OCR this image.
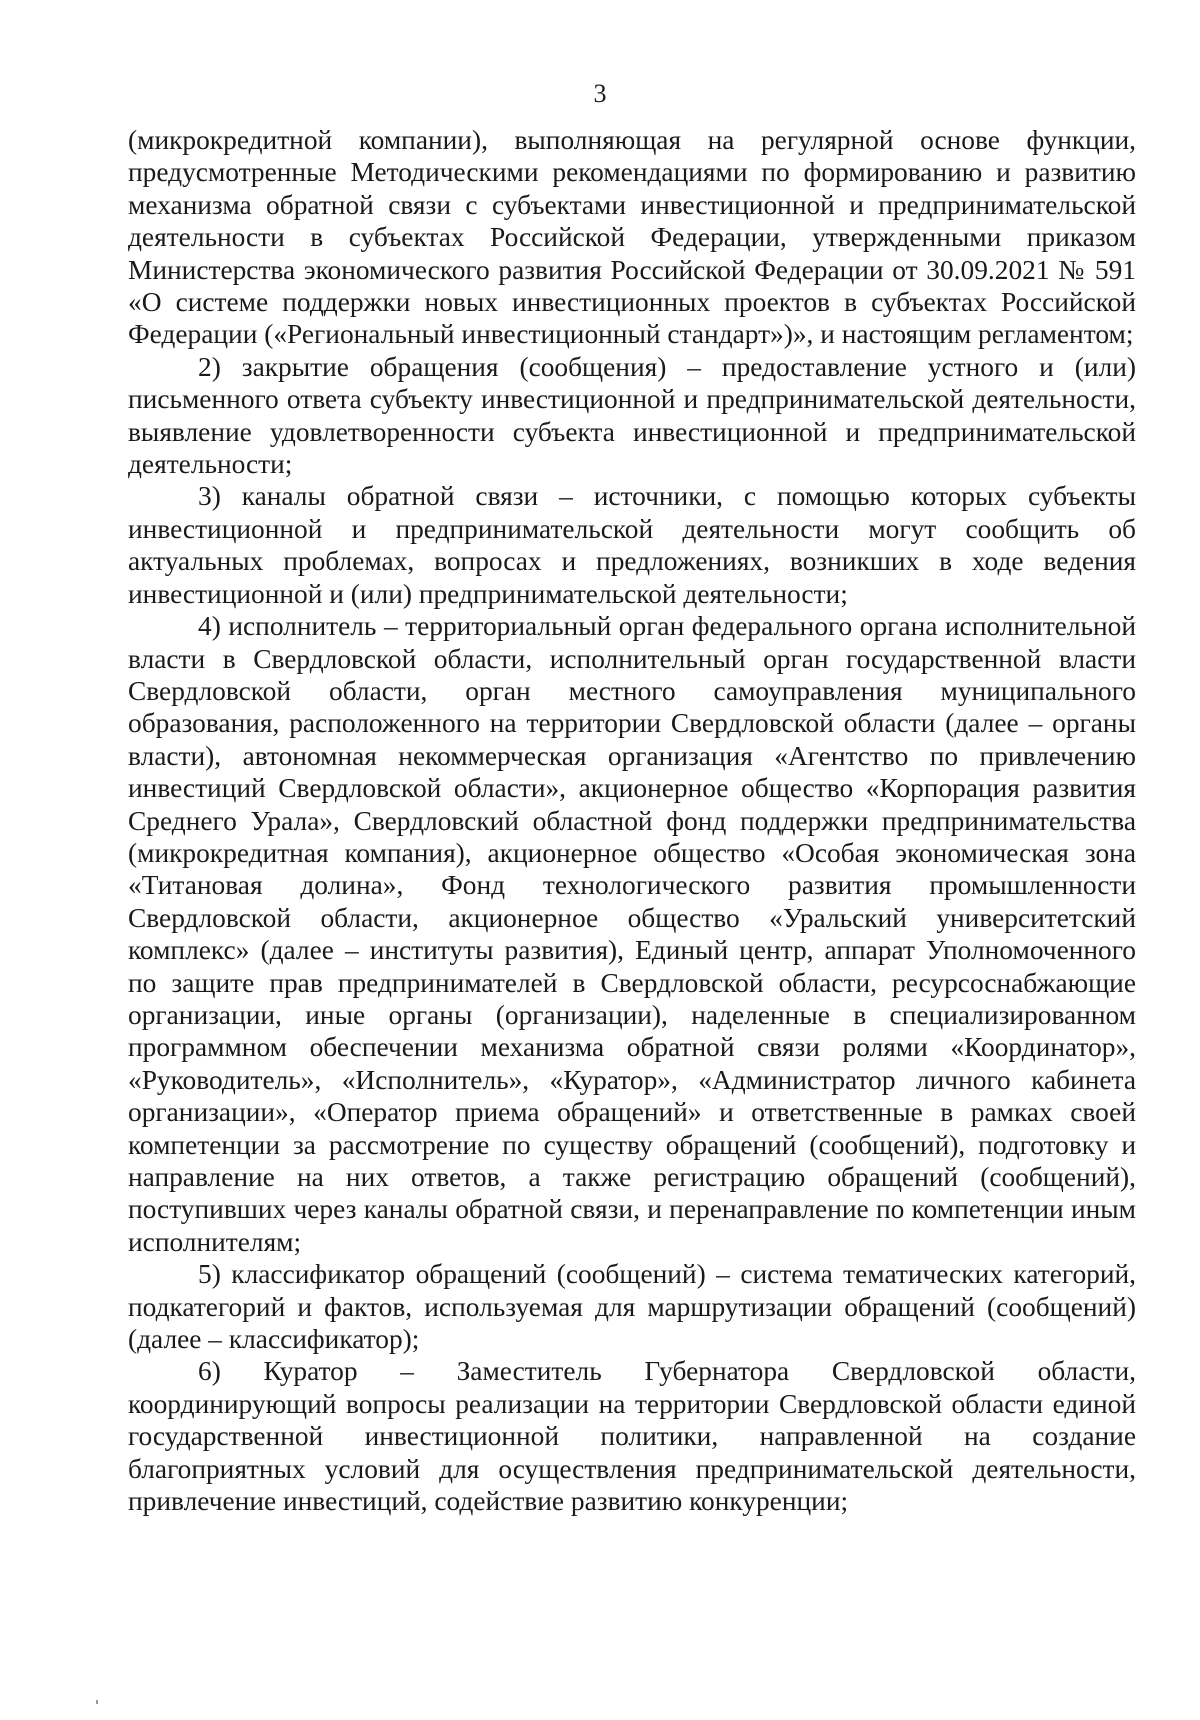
3

(микрокредитной компании), выполняющая на регулярной основе функции, предусмотренные Методическими рекомендациями по формированию и развитию механизма обратной связи с субъектами инвестиционной и предпринимательской деятельности в субъектах Российской Федерации, утвержденными приказом Министерства экономического развития Российской Федерации от 30.09.2021 № 591 «О системе поддержки новых инвестиционных проектов в субъектах Российской Федерации («Региональный инвестиционный стандарт»)», и настоящим регламентом;

2) закрытие обращения (сообщения) – предоставление устного и (или) письменного ответа субъекту инвестиционной и предпринимательской деятельности, выявление удовлетворенности субъекта инвестиционной и предпринимательской деятельности;

3) каналы обратной связи – источники, с помощью которых субъекты инвестиционной и предпринимательской деятельности могут сообщить об актуальных проблемах, вопросах и предложениях, возникших в ходе ведения инвестиционной и (или) предпринимательской деятельности;

4) исполнитель – территориальный орган федерального органа исполнительной власти в Свердловской области, исполнительный орган государственной власти Свердловской области, орган местного самоуправления муниципального образования, расположенного на территории Свердловской области (далее – органы власти), автономная некоммерческая организация «Агентство по привлечению инвестиций Свердловской области», акционерное общество «Корпорация развития Среднего Урала», Свердловский областной фонд поддержки предпринимательства (микрокредитная компания), акционерное общество «Особая экономическая зона «Титановая долина», Фонд технологического развития промышленности Свердловской области, акционерное общество «Уральский университетский комплекс» (далее – институты развития), Единый центр, аппарат Уполномоченного по защите прав предпринимателей в Свердловской области, ресурсоснабжающие организации, иные органы (организации), наделенные в специализированном программном обеспечении механизма обратной связи ролями «Координатор», «Руководитель», «Исполнитель», «Куратор», «Администратор личного кабинета организации», «Оператор приема обращений» и ответственные в рамках своей компетенции за рассмотрение по существу обращений (сообщений), подготовку и направление на них ответов, а также регистрацию обращений (сообщений), поступивших через каналы обратной связи, и перенаправление по компетенции иным исполнителям;

5) классификатор обращений (сообщений) – система тематических категорий, подкатегорий и фактов, используемая для маршрутизации обращений (сообщений) (далее – классификатор);

6) Куратор – Заместитель Губернатора Свердловской области, координирующий вопросы реализации на территории Свердловской области единой государственной инвестиционной политики, направленной на создание благоприятных условий для осуществления предпринимательской деятельности, привлечение инвестиций, содействие развитию конкуренции;
